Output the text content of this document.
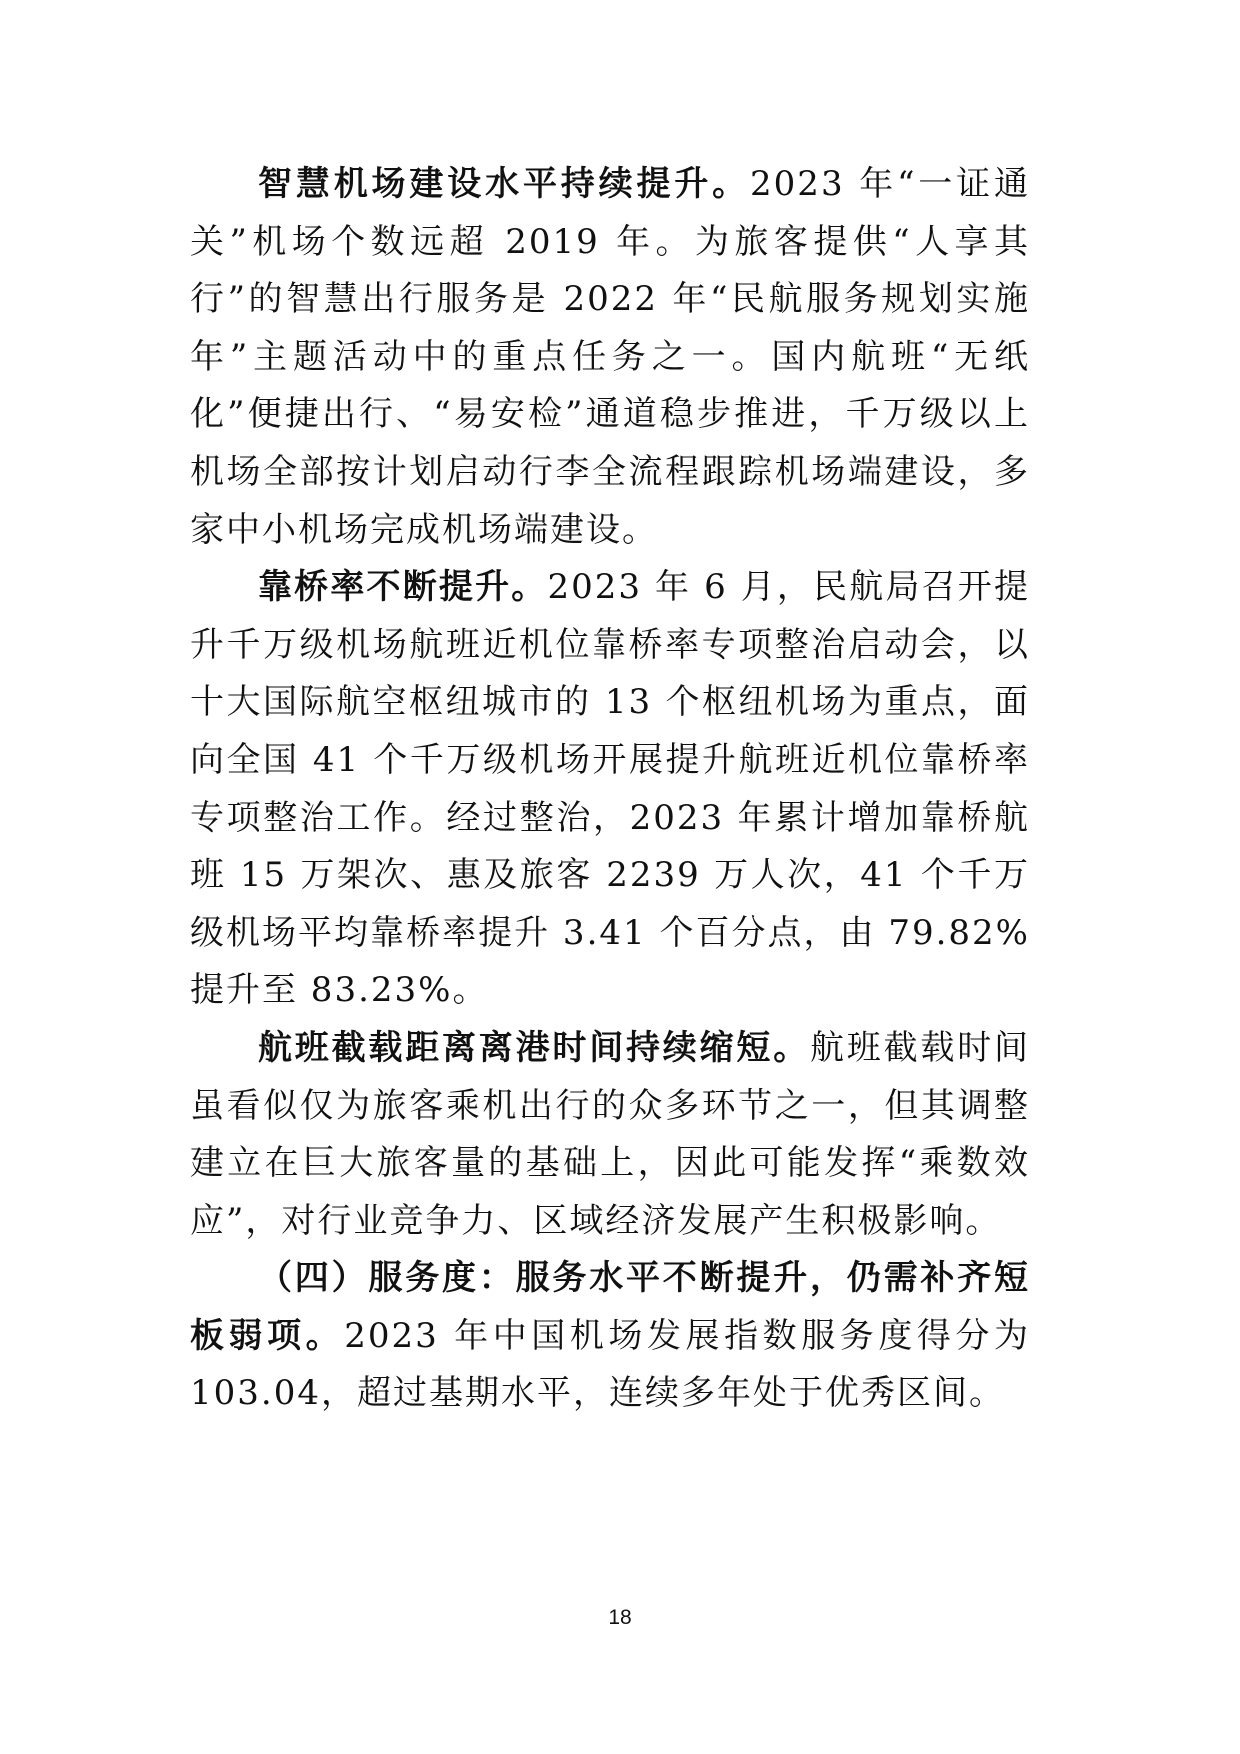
智慧机场建设水平持续提升。2023 年“一证通关”机场个数远超 2019 年。为旅客提供“人享其行”的智慧出行服务是 2022 年“民航服务规划实施年”主题活动中的重点任务之一。国内航班“无纸化”便捷出行、“易安检”通道稳步推进，千万级以上机场全部按计划启动行李全流程跟踪机场端建设，多家中小机场完成机场端建设。

靠桥率不断提升。2023 年 6 月，民航局召开提升千万级机场航班近机位靠桥率专项整治启动会，以十大国际航空枢纽城市的 13 个枢纽机场为重点，面向全国 41 个千万级机场开展提升航班近机位靠桥率专项整治工作。经过整治，2023 年累计增加靠桥航班 15 万架次、惠及旅客 2239 万人次，41 个千万级机场平均靠桥率提升 3.41 个百分点，由 79.82%提升至 83.23%。

航班截载距离离港时间持续缩短。航班截载时间虽看似仅为旅客乘机出行的众多环节之一，但其调整建立在巨大旅客量的基础上，因此可能发挥“乘数效应”，对行业竞争力、区域经济发展产生积极影响。

（四）服务度：服务水平不断提升，仍需补齐短板弱项。2023 年中国机场发展指数服务度得分为 103.04，超过基期水平，连续多年处于优秀区间。

18
